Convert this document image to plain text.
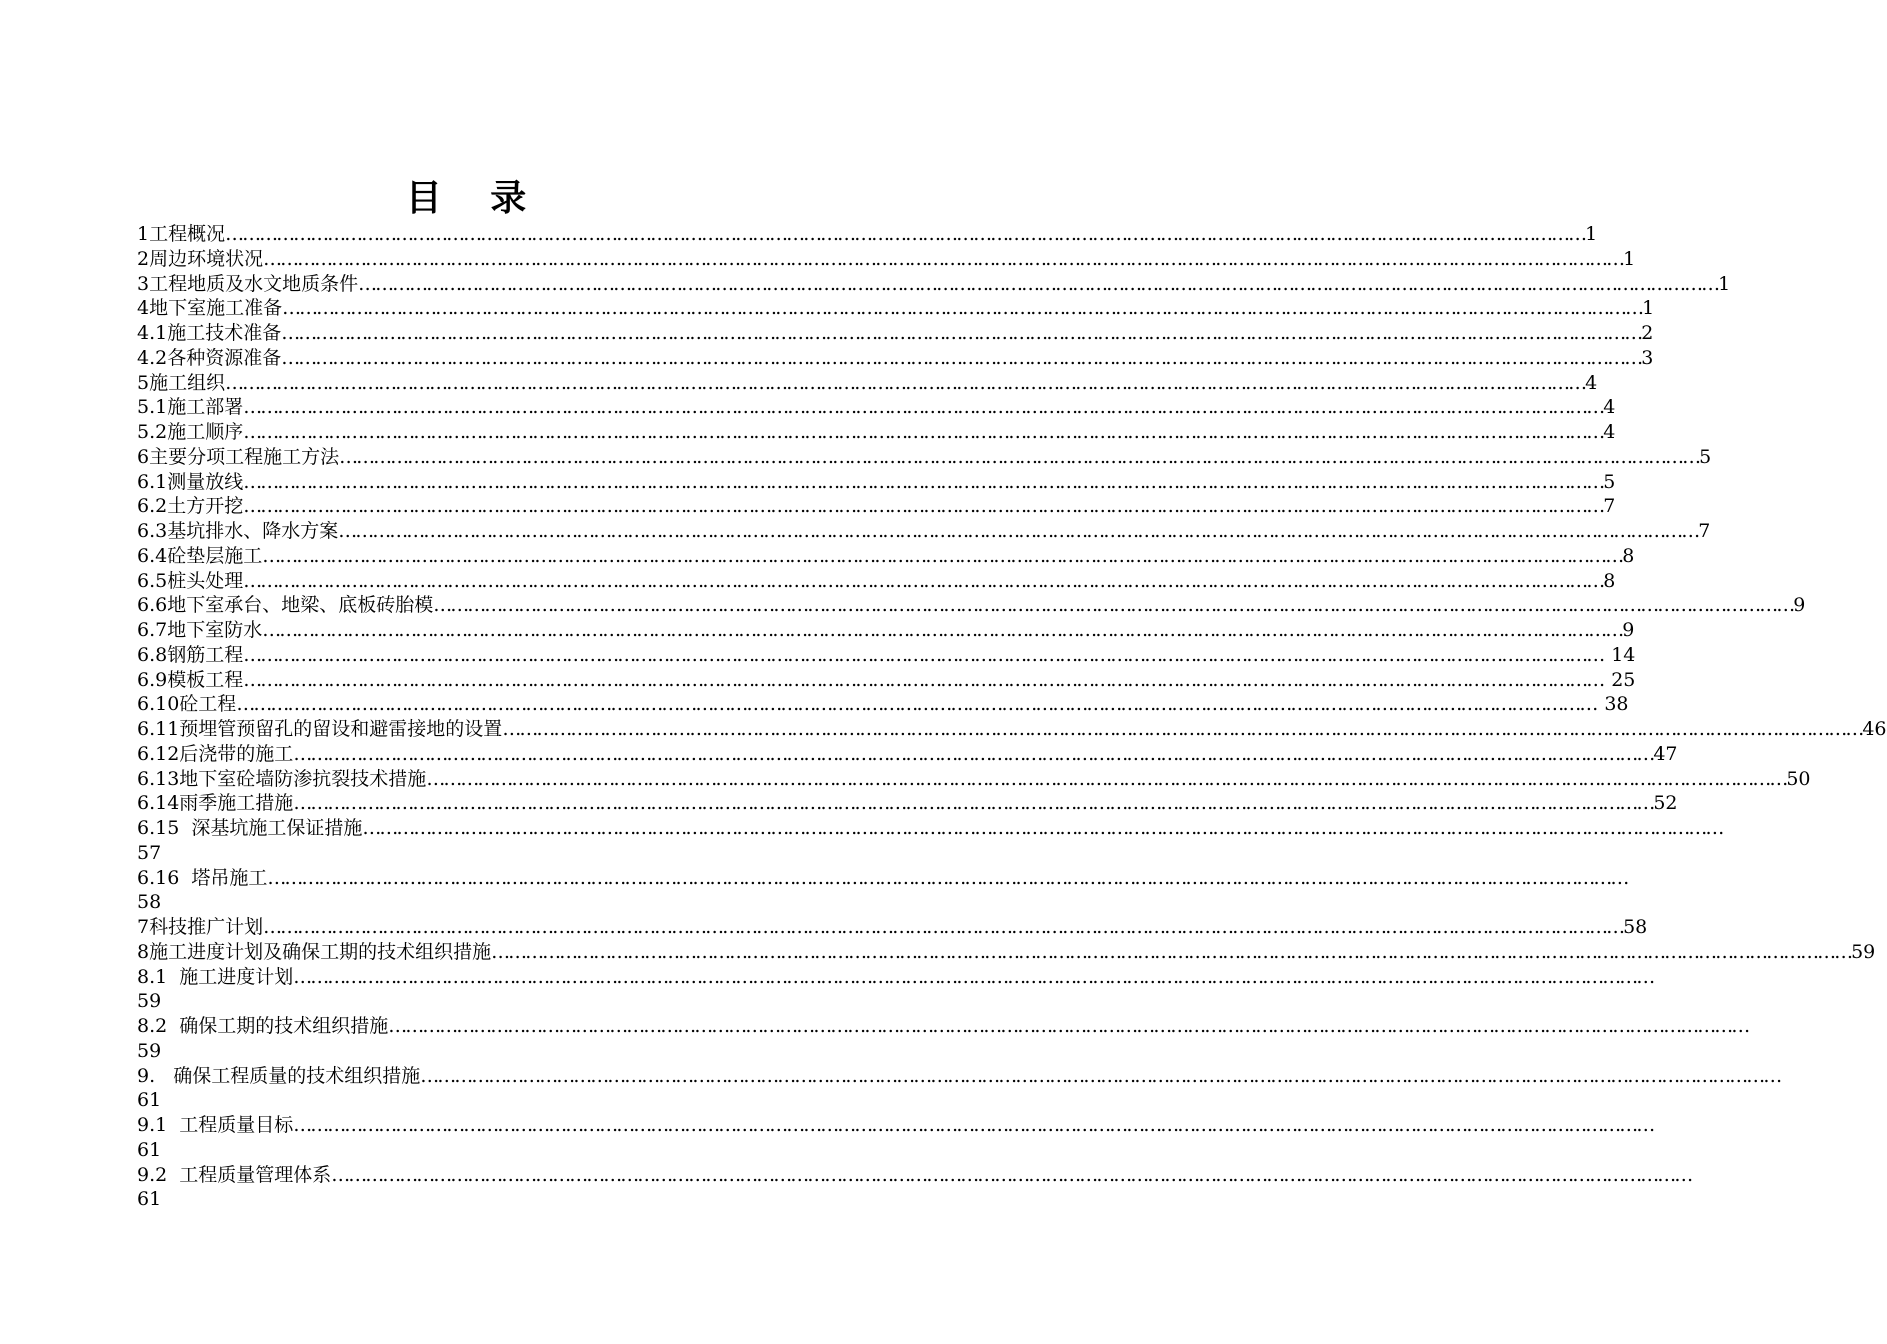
目 录
1工程概况 …………………………………………………………………………………………………………………………………………………………………………………………………………………… 1
2周边环境状况 …………………………………………………………………………………………………………………………………………………………………………………………………………………… 1
3工程地质及水文地质条件 …………………………………………………………………………………………………………………………………………………………………………………………………………………… 1
4地下室施工准备 …………………………………………………………………………………………………………………………………………………………………………………………………………………… 1
4.1施工技术准备 …………………………………………………………………………………………………………………………………………………………………………………………………………………… 2
4.2各种资源准备 …………………………………………………………………………………………………………………………………………………………………………………………………………………… 3
5施工组织 …………………………………………………………………………………………………………………………………………………………………………………………………………………… 4
5.1施工部署 …………………………………………………………………………………………………………………………………………………………………………………………………………………… 4
5.2施工顺序 …………………………………………………………………………………………………………………………………………………………………………………………………………………… 4
6主要分项工程施工方法 …………………………………………………………………………………………………………………………………………………………………………………………………………………… 5
6.1测量放线 …………………………………………………………………………………………………………………………………………………………………………………………………………………… 5
6.2土方开挖 …………………………………………………………………………………………………………………………………………………………………………………………………………………… 7
6.3基坑排水、降水方案 …………………………………………………………………………………………………………………………………………………………………………………………………………………… 7
6.4砼垫层施工 …………………………………………………………………………………………………………………………………………………………………………………………………………………… 8
6.5桩头处理 …………………………………………………………………………………………………………………………………………………………………………………………………………………… 8
6.6地下室承台、地梁、底板砖胎模 …………………………………………………………………………………………………………………………………………………………………………………………………………………… 9
6.7地下室防水 …………………………………………………………………………………………………………………………………………………………………………………………………………………… 9
6.8钢筋工程 …………………………………………………………………………………………………………………………………………………………………………………………………………………… 14
6.9模板工程 …………………………………………………………………………………………………………………………………………………………………………………………………………………… 25
6.10砼工程 …………………………………………………………………………………………………………………………………………………………………………………………………………………… 38
6.11预埋管预留孔的留设和避雷接地的设置 …………………………………………………………………………………………………………………………………………………………………………………………………………………… 46
6.12后浇带的施工 …………………………………………………………………………………………………………………………………………………………………………………………………………………… 47
6.13地下室砼墙防渗抗裂技术措施 …………………………………………………………………………………………………………………………………………………………………………………………………………………… 50
6.14雨季施工措施 …………………………………………………………………………………………………………………………………………………………………………………………………………………… 52
6.15  深基坑施工保证措施……………………………………………………………………………………………………………………………………………………………………………………………………………………
57
6.16  塔吊施工……………………………………………………………………………………………………………………………………………………………………………………………………………………
58
7科技推广计划 …………………………………………………………………………………………………………………………………………………………………………………………………………………… 58
8施工进度计划及确保工期的技术组织措施 …………………………………………………………………………………………………………………………………………………………………………………………………………………… 59
8.1  施工进度计划……………………………………………………………………………………………………………………………………………………………………………………………………………………
59
8.2  确保工期的技术组织措施……………………………………………………………………………………………………………………………………………………………………………………………………………………
59
9.   确保工程质量的技术组织措施……………………………………………………………………………………………………………………………………………………………………………………………………………………
61
9.1  工程质量目标……………………………………………………………………………………………………………………………………………………………………………………………………………………
61
9.2  工程质量管理体系……………………………………………………………………………………………………………………………………………………………………………………………………………………
61
